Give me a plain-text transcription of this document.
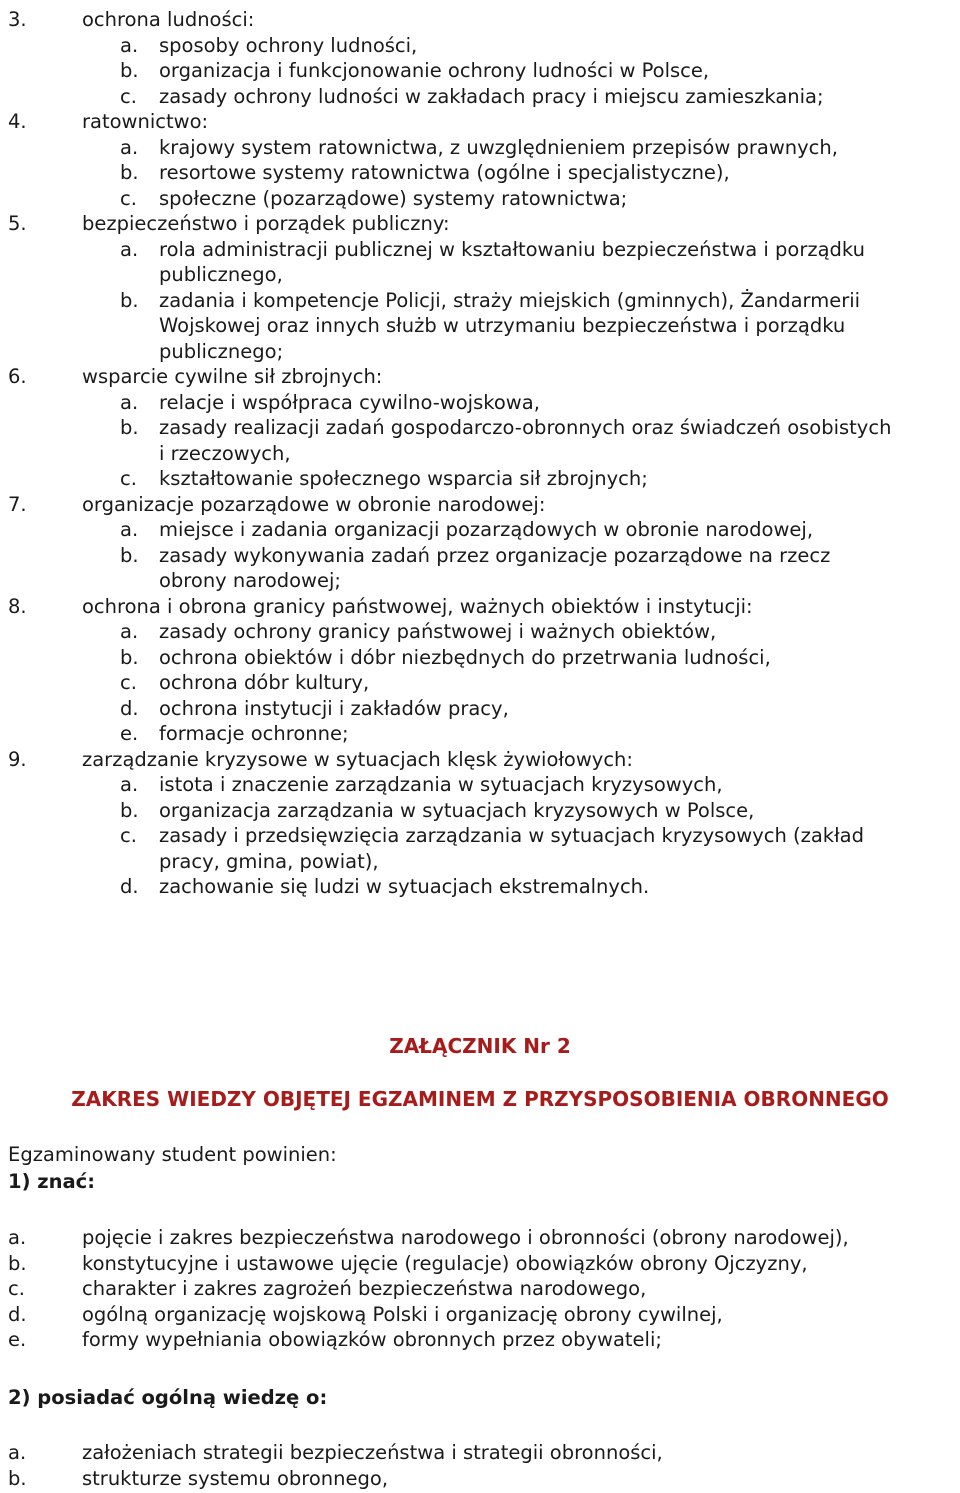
3.	ochrona ludności:
a. sposoby ochrony ludności,
b. organizacja i funkcjonowanie ochrony ludności w Polsce,
c. zasady ochrony ludności w zakładach pracy i miejscu zamieszkania;
4.	ratownictwo:
a. krajowy system ratownictwa, z uwzględnieniem przepisów prawnych,
b. resortowe systemy ratownictwa (ogólne i specjalistyczne),
c. społeczne (pozarządowe) systemy ratownictwa;
5.	bezpieczeństwo i porządek publiczny:
a. rola administracji publicznej w kształtowaniu bezpieczeństwa i porządku
publicznego,
b. zadania i kompetencje Policji, straży miejskich (gminnych), Żandarmerii
Wojskowej oraz innych służb w utrzymaniu bezpieczeństwa i porządku
publicznego;
6.	wsparcie cywilne sił zbrojnych:
a. relacje i współpraca cywilno-wojskowa,
b. zasady realizacji zadań gospodarczo-obronnych oraz świadczeń osobistych
i rzeczowych,
c. kształtowanie społecznego wsparcia sił zbrojnych;
7.	organizacje pozarządowe w obronie narodowej:
a. miejsce i zadania organizacji pozarządowych w obronie narodowej,
b. zasady wykonywania zadań przez organizacje pozarządowe na rzecz
obrony narodowej;
8.	ochrona i obrona granicy państwowej, ważnych obiektów i instytucji:
a. zasady ochrony granicy państwowej i ważnych obiektów,
b. ochrona obiektów i dóbr niezbędnych do przetrwania ludności,
c. ochrona dóbr kultury,
d. ochrona instytucji i zakładów pracy,
e. formacje ochronne;
9.	zarządzanie kryzysowe w sytuacjach klęsk żywiołowych:
a. istota i znaczenie zarządzania w sytuacjach kryzysowych,
b. organizacja zarządzania w sytuacjach kryzysowych w Polsce,
c. zasady i przedsięwzięcia zarządzania w sytuacjach kryzysowych (zakład
pracy, gmina, powiat),
d. zachowanie się ludzi w sytuacjach ekstremalnych.
ZAŁĄCZNIK Nr 2
ZAKRES WIEDZY OBJĘTEJ EGZAMINEM Z PRZYSPOSOBIENIA OBRONNEGO
Egzaminowany student powinien:
1) znać:
a.	pojęcie i zakres bezpieczeństwa narodowego i obronności (obrony narodowej),
b.	konstytucyjne i ustawowe ujęcie (regulacje) obowiązków obrony Ojczyzny,
c.	charakter i zakres zagrożeń bezpieczeństwa narodowego,
d.	ogólną organizację wojskową Polski i organizację obrony cywilnej,
e.	formy wypełniania obowiązków obronnych przez obywateli;
2) posiadać ogólną wiedzę o:
a.	założeniach strategii bezpieczeństwa i strategii obronności,
b.	strukturze systemu obronnego,
